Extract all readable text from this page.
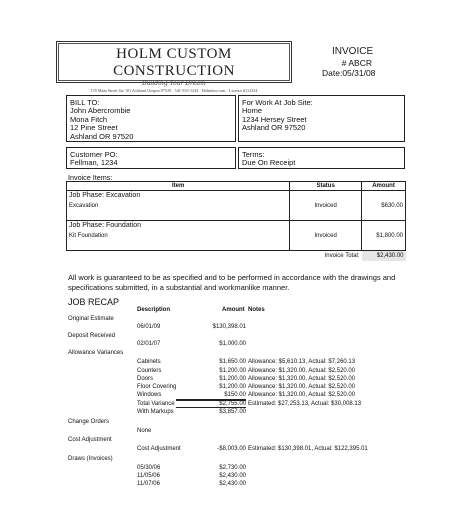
HOLM CUSTOM CONSTRUCTION
Building Your Dream
135 Main Street Ste 101 Ashland Oregon 97520 · 541-555-1234 · Holmlaw.com · License #112344
INVOICE
# ABCR
Date:05/31/08
BILL TO:
John Abercrombie
Mona Fitch
12 Pine Street
Ashland OR 97520
For Work At Job Site:
Home
1234 Hersey Street
Ashland OR 97520
Customer PO:
Fellman, 1234
Terms:
Due On Receipt
Invoice Items:
Item	Status	Amount
Job Phase: Excavation		
Excavation	Invoiced	$630.00

Job Phase: Foundation		
Kit Foundation	Invoiced	$1,800.00

	Invoice Total:	$2,430.00
All work is guaranteed to be as specified and to be performed in accordance with the drawings and specifications submitted, in a substantial and workmanlike manner.
JOB RECAP
Description	Amount Notes
Original Estimate
06/01/09	$130,398.01
Deposit Received
02/01/07	$1,000.00
Allowance Variances
Cabinets	$1,650.00 Allowance: $5,610.13, Actual: $7,260.13
Counters	$1,200.00 Allowance: $1,320.00, Actual: $2,520.00
Doors	$1,200.00 Allowance: $1,320.00, Actual: $2,520.00
Floor Covering	$1,200.00 Allowance: $1,320.00, Actual: $2,520.00
Windows	$150.00 Allowance: $1,320.00, Actual: $2,520.00
Total Variance	$2,755.00 Estimated: $27,253.13, Actual: $30,008.13
With Markups	$3,857.00
Change Orders
None
Cost Adjustment
Cost Adjustment	-$8,003.00 Estimated: $130,398.01, Actual: $122,395.01
Draws (Invoices)
05/30/06	$2,730.00
11/05/06	$2,430.00
11/07/06	$2,430.00
